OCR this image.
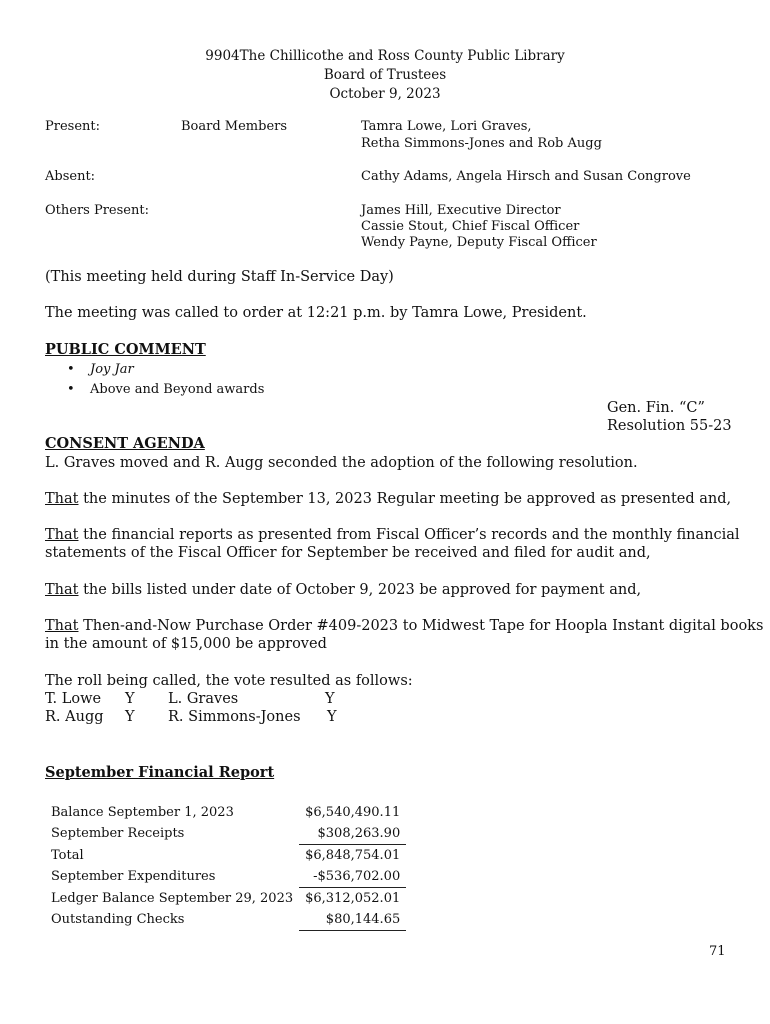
9904The Chillicothe and Ross County Public Library
Board of Trustees
October 9, 2023
Present:	Board Members	Tamra Lowe, Lori Graves,
Retha Simmons-Jones and Rob Augg
Absent:	Cathy Adams, Angela Hirsch and Susan Congrove
Others Present:	James Hill, Executive Director
Cassie Stout, Chief Fiscal Officer
Wendy Payne, Deputy Fiscal Officer
(This meeting held during Staff In-Service Day)
The meeting was called to order at 12:21 p.m. by Tamra Lowe, President.
PUBLIC COMMENT
• Joy Jar
• Above and Beyond awards
Gen. Fin. “C”
Resolution 55-23
CONSENT AGENDA
L. Graves moved and R. Augg seconded the adoption of the following resolution.
That the minutes of the September 13, 2023 Regular meeting be approved as presented and,
That the financial reports as presented from Fiscal Officer’s records and the monthly financial
statements of the Fiscal Officer for September be received and filed for audit and,
That the bills listed under date of October 9, 2023 be approved for payment and,
That Then-and-Now Purchase Order #409-2023 to Midwest Tape for Hoopla Instant digital books
in the amount of $15,000 be approved
The roll being called, the vote resulted as follows:
T. Lowe Y L. Graves	Y
R. Augg Y R. Simmons-Jones Y
September Financial Report
Balance September 1, 2023	$6,540,490.11
September Receipts	$308,263.90
Total	$6,848,754.01
September Expenditures	-$536,702.00
Ledger Balance September 29, 2023	$6,312,052.01
Outstanding Checks	$80,144.65
71
